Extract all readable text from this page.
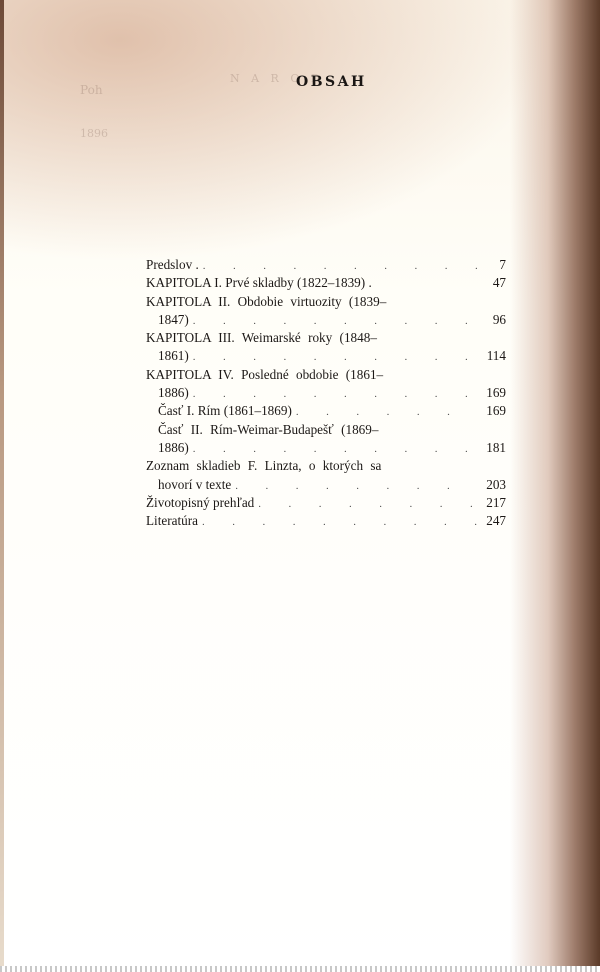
Poh
1896
N A R O D
OBSAH
Predslov . .	7
KAPITOLA I. Prvé skladby (1822–1839) .	47
KAPITOLA II. Obdobie virtuozity (1839–
1847) .	96
KAPITOLA III. Weimarské roky (1848–
1861) .	114
KAPITOLA IV. Posledné obdobie (1861–
1886) .	169
Časť I. Rím (1861–1869) .	169
Časť II. Rím-Weimar-Budapešť (1869–
1886) .	181
Zoznam skladieb F. Linzta, o ktorých sa
hovorí v texte .	203
Životopisný prehľad .	217
Literatúra .	247
